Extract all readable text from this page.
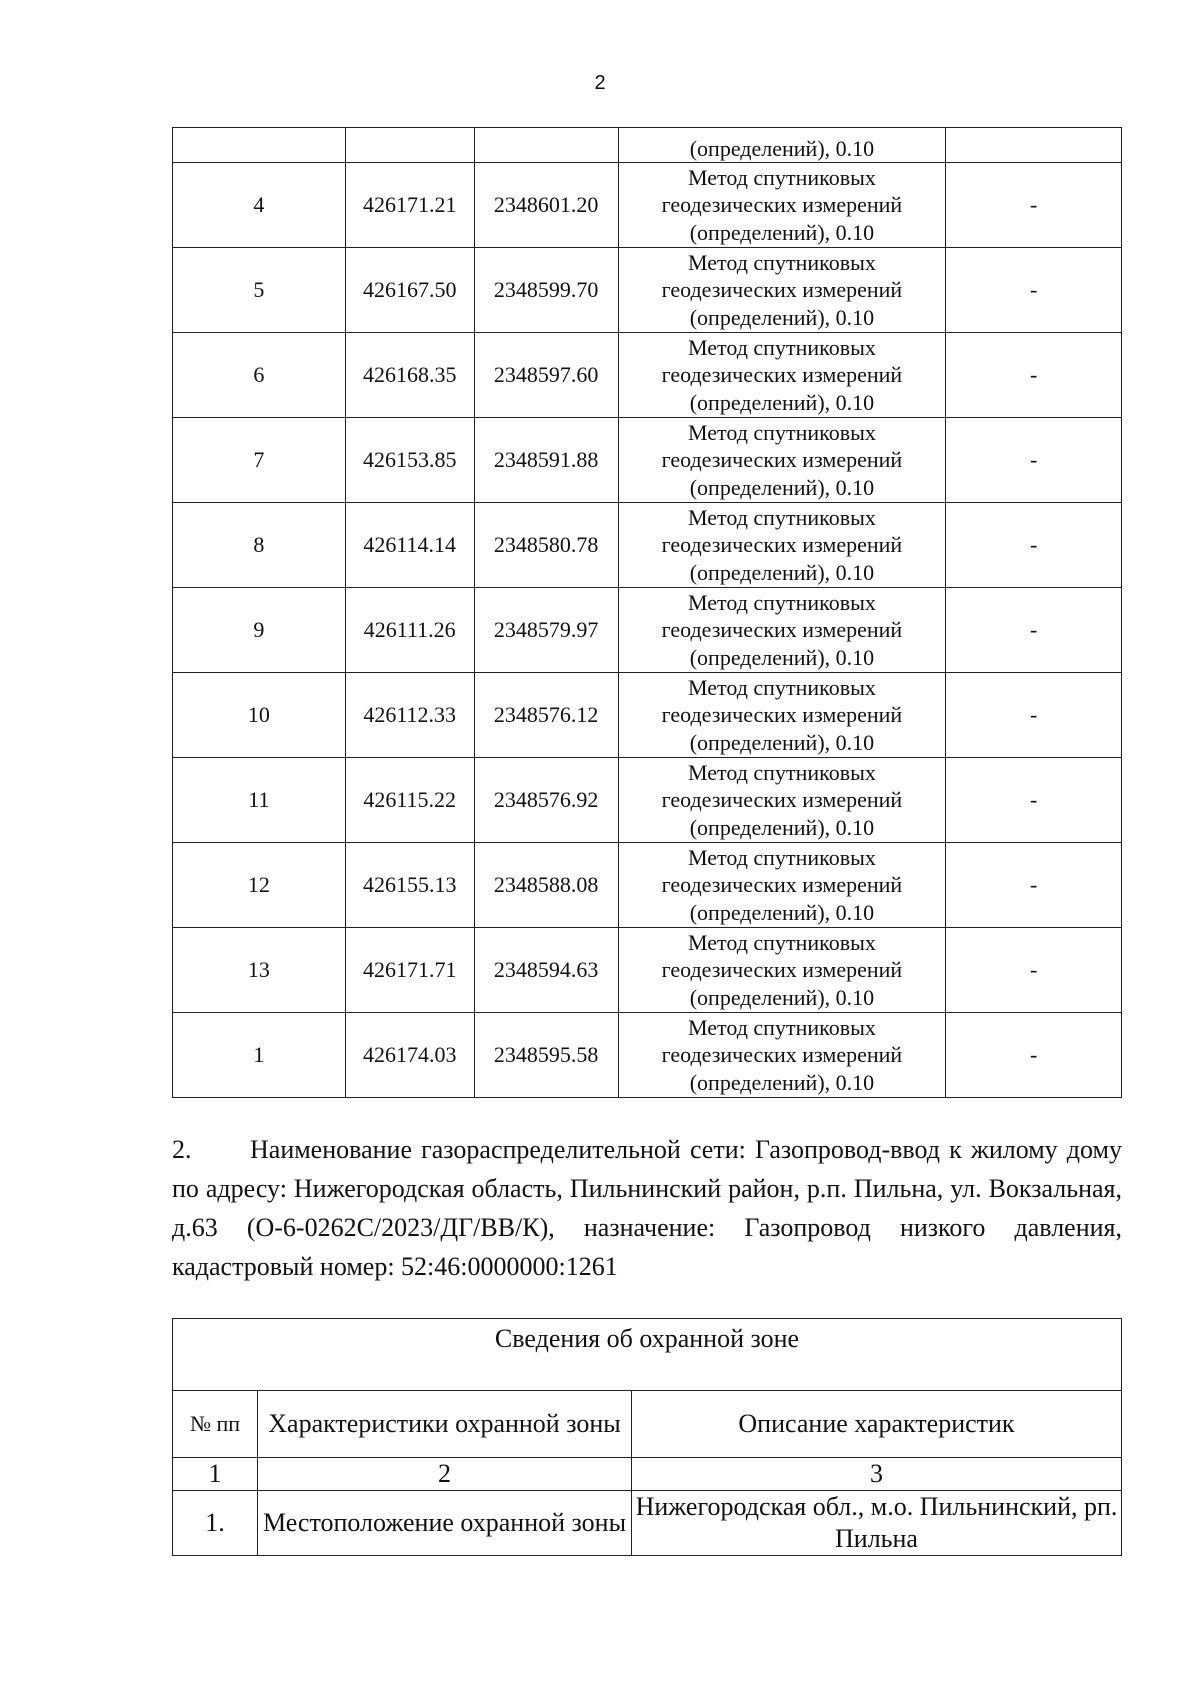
2
			(определений), 0.10	
4	426171.21	2348601.20	Метод спутниковых
геодезических измерений
(определений), 0.10	-
5	426167.50	2348599.70	Метод спутниковых
геодезических измерений
(определений), 0.10	-
6	426168.35	2348597.60	Метод спутниковых
геодезических измерений
(определений), 0.10	-
7	426153.85	2348591.88	Метод спутниковых
геодезических измерений
(определений), 0.10	-
8	426114.14	2348580.78	Метод спутниковых
геодезических измерений
(определений), 0.10	-
9	426111.26	2348579.97	Метод спутниковых
геодезических измерений
(определений), 0.10	-
10	426112.33	2348576.12	Метод спутниковых
геодезических измерений
(определений), 0.10	-
11	426115.22	2348576.92	Метод спутниковых
геодезических измерений
(определений), 0.10	-
12	426155.13	2348588.08	Метод спутниковых
геодезических измерений
(определений), 0.10	-
13	426171.71	2348594.63	Метод спутниковых
геодезических измерений
(определений), 0.10	-
1	426174.03	2348595.58	Метод спутниковых
геодезических измерений
(определений), 0.10	-
2. Наименование газораспределительной сети: Газопровод-ввод к жилому дому по адресу: Нижегородская область, Пильнинский район, р.п. Пильна, ул. Вокзальная, д.63 (О-6-0262С/2023/ДГ/ВВ/К), назначение: Газопровод низкого давления, кадастровый номер: 52:46:0000000:1261
Сведения об охранной зоне		
№ пп	Характеристики охранной зоны	Описание характеристик
1	2	3
1.	Местоположение охранной зоны	Нижегородская обл., м.о. Пильнинский, рп. Пильна
